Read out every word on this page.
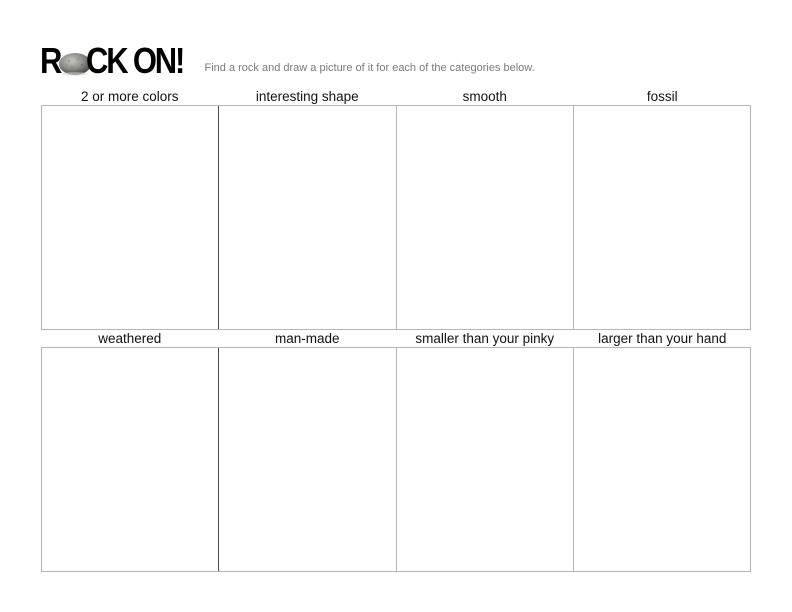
R CK ON! Find a rock and draw a picture of it for each of the categories below.
2 or more colors	interesting shape	smooth	fossil
weathered	man-made	smaller than your pinky	larger than your hand
